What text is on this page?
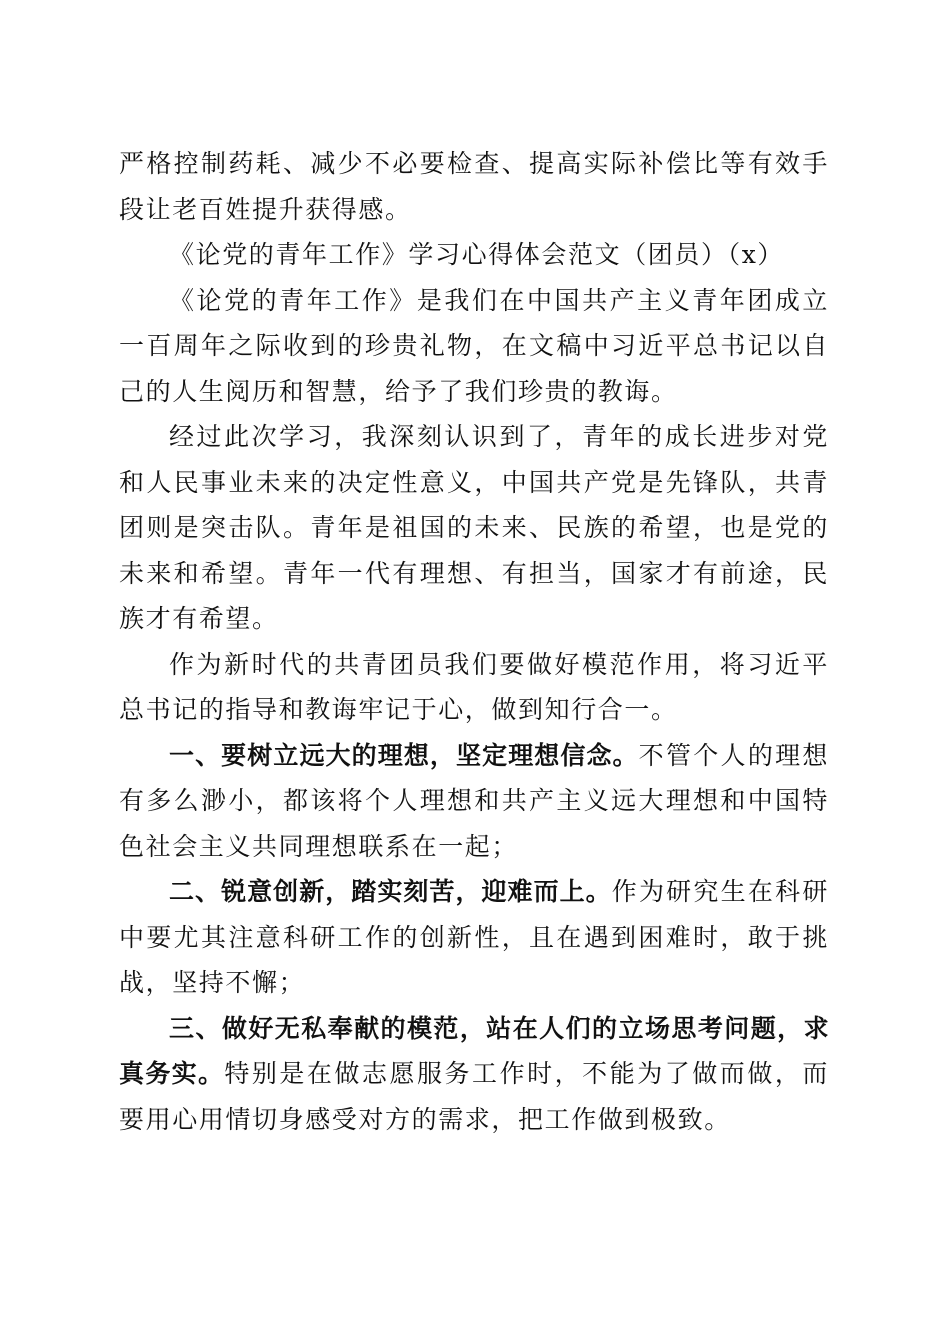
严格控制药耗、减少不必要检查、提高实际补偿比等有效手段让老百姓提升获得感。

《论党的青年工作》学习心得体会范文（团员）（x）

《论党的青年工作》是我们在中国共产主义青年团成立一百周年之际收到的珍贵礼物，在文稿中习近平总书记以自己的人生阅历和智慧，给予了我们珍贵的教诲。

经过此次学习，我深刻认识到了，青年的成长进步对党和人民事业未来的决定性意义，中国共产党是先锋队，共青团则是突击队。青年是祖国的未来、民族的希望，也是党的未来和希望。青年一代有理想、有担当，国家才有前途，民族才有希望。

作为新时代的共青团员我们要做好模范作用，将习近平总书记的指导和教诲牢记于心，做到知行合一。

一、要树立远大的理想，坚定理想信念。不管个人的理想有多么渺小，都该将个人理想和共产主义远大理想和中国特色社会主义共同理想联系在一起；

二、锐意创新，踏实刻苦，迎难而上。作为研究生在科研中要尤其注意科研工作的创新性，且在遇到困难时，敢于挑战，坚持不懈；

三、做好无私奉献的模范，站在人们的立场思考问题，求真务实。特别是在做志愿服务工作时，不能为了做而做，而要用心用情切身感受对方的需求，把工作做到极致。
